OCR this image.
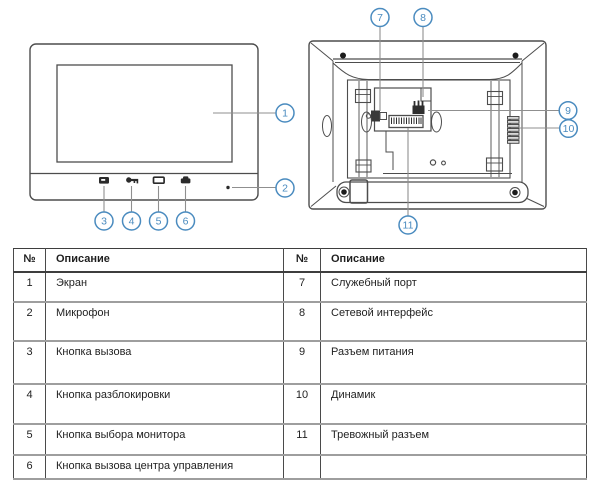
1
2
3 4 5 6
7	8
9
10
11
№	Описание	№	Описание
1	Экран	7	Служебный порт
2	Микрофон	8	Сетевой интерфейс
3	Кнопка вызова	9	Разъем питания
4	Кнопка разблокировки	10	Динамик
5	Кнопка выбора монитора	11	Тревожный разъем
6	Кнопка вызова центра управления		
